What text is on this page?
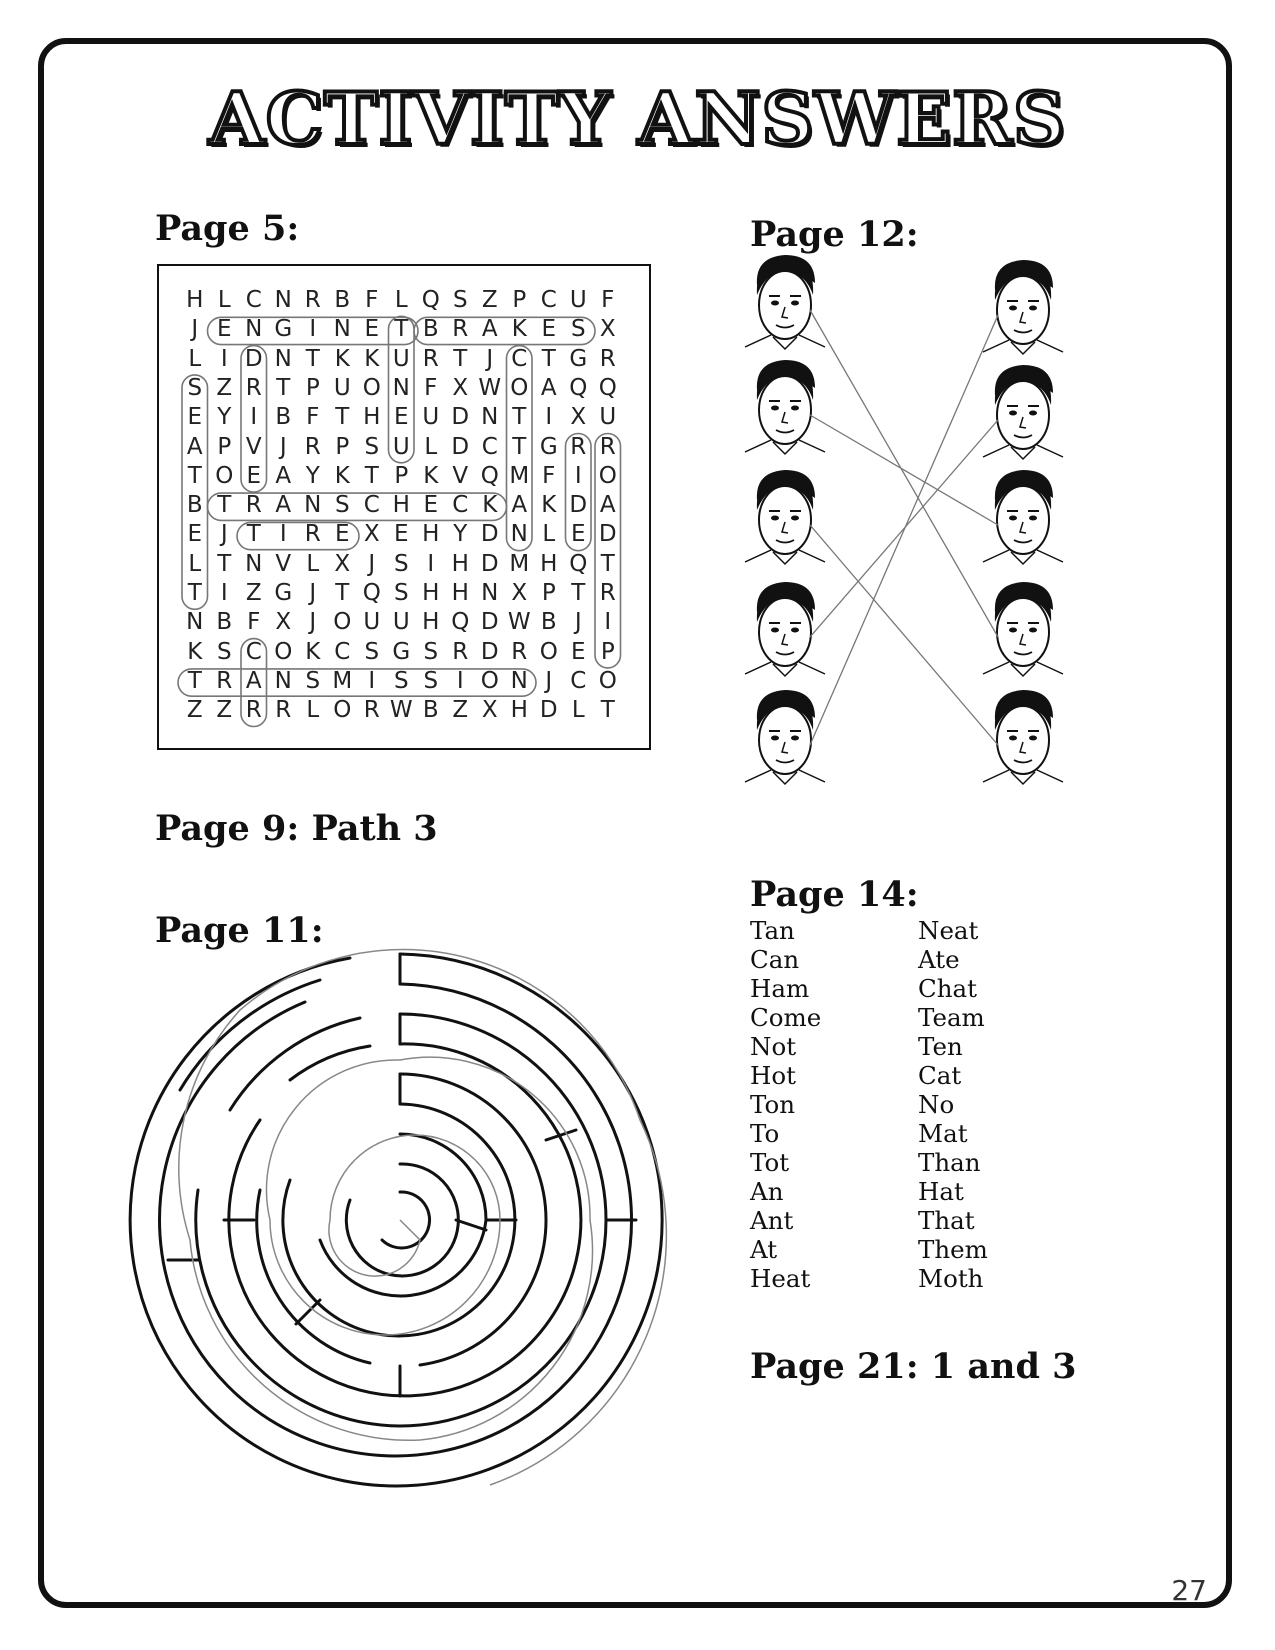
ACTIVITY ANSWERS
Page 5:
H L C N R B F L Q S Z P C U F
J E N G I N E T B R A K E S X
L I D N T K K U R T J C T G R
S Z R T P U O N F X W O A Q Q
E Y I B F T H E U D N T I X U
A P V J R P S U L D C T G R R
T O E A Y K T P K V Q M F I O
B T R A N S C H E C K A K D A
E J T I R E X E H Y D N L E D
L T N V L X J S I H D M H Q T
T I Z G J T Q S H H N X P T R
N B F X J O U U H Q D W B J I
K S C O K C S G S R D R O E P
T R A N S M I S S I O N J C O
Z Z R R L O R W B Z X H D L T
Page 9: Path 3
Page 11:
Page 12:
Page 14:
Tan
Can
Ham
Come
Not
Hot
Ton
To
Tot
An
Ant
At
Heat
Neat
Ate
Chat
Team
Ten
Cat
No
Mat
Than
Hat
That
Them
Moth
Page 21: 1 and 3
27
